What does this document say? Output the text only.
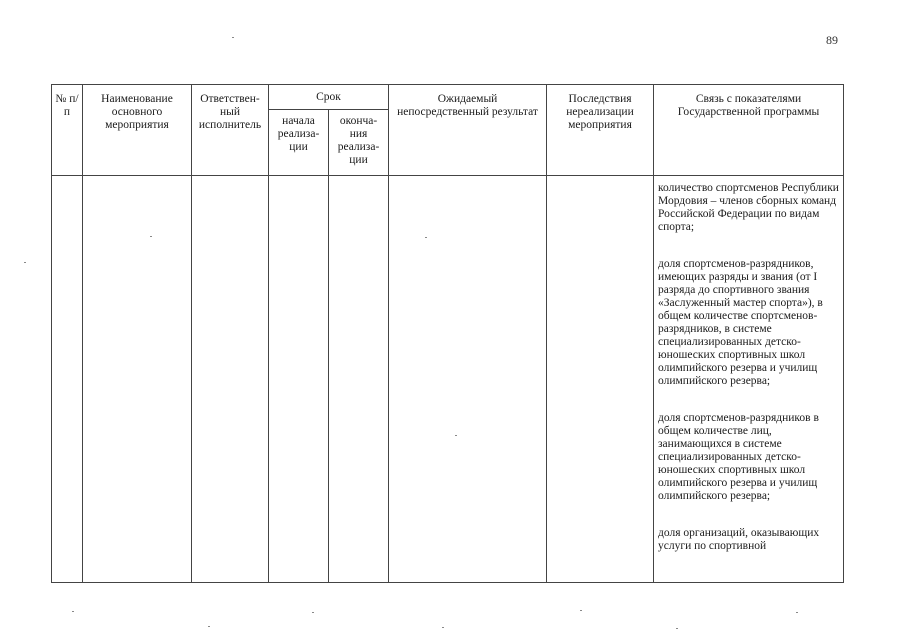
89
№ п/п	Наименование основного мероприятия	Ответствен-ный исполнитель	Срок		Ожидаемый непосредственный результат	Последствия нереализации мероприятия	Связь с показателями Государственной программы

			начала реализа-ции	оконча-ния реализа-ции			

							количество спортсменов Республики Мордовия – членов сборных команд Российской Федерации по видам спорта;

доля спортсменов-разрядников, имеющих разряды и звания (от I разряда до спортивного звания «Заслуженный мастер спорта»), в общем количестве спортсменов- разрядников, в системе специализированных детско-юношеских спортивных школ олимпийского резерва и училищ олимпийского резерва;

доля спортсменов-разрядников в общем количестве лиц, занимающихся в системе специализированных детско-юношеских спортивных школ олимпийского резерва и училищ олимпийского резерва;

доля организаций, оказывающих услуги по спортивной
